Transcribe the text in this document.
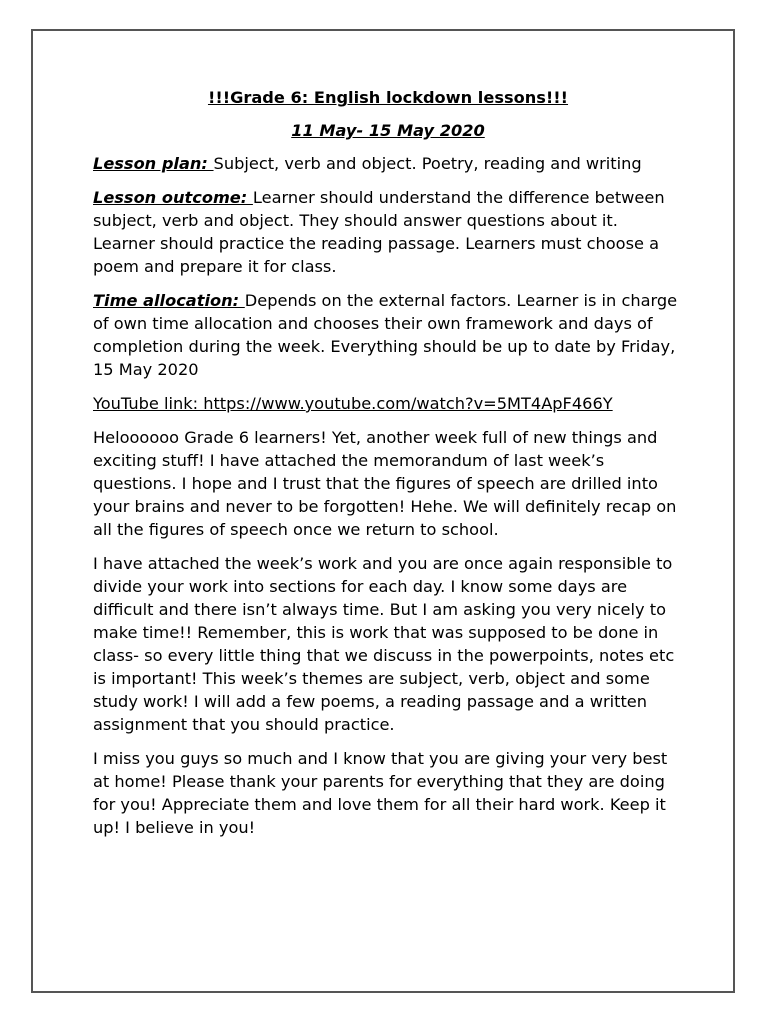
!!!Grade 6: English lockdown lessons!!!

11 May- 15 May 2020

Lesson plan: Subject, verb and object. Poetry, reading and writing

Lesson outcome: Learner should understand the difference between subject, verb and object. They should answer questions about it. Learner should practice the reading passage. Learners must choose a poem and prepare it for class.

Time allocation: Depends on the external factors. Learner is in charge of own time allocation and chooses their own framework and days of completion during the week. Everything should be up to date by Friday, 15 May 2020

YouTube link: https://www.youtube.com/watch?v=5MT4ApF466Y

Heloooooo Grade 6 learners! Yet, another week full of new things and exciting stuff! I have attached the memorandum of last week’s questions. I hope and I trust that the figures of speech are drilled into your brains and never to be forgotten! Hehe. We will definitely recap on all the figures of speech once we return to school.

I have attached the week’s work and you are once again responsible to divide your work into sections for each day. I know some days are difficult and there isn’t always time. But I am asking you very nicely to make time!! Remember, this is work that was supposed to be done in class- so every little thing that we discuss in the powerpoints, notes etc is important! This week’s themes are subject, verb, object and some study work! I will add a few poems, a reading passage and a written assignment that you should practice.

I miss you guys so much and I know that you are giving your very best at home! Please thank your parents for everything that they are doing for you! Appreciate them and love them for all their hard work. Keep it up! I believe in you!
